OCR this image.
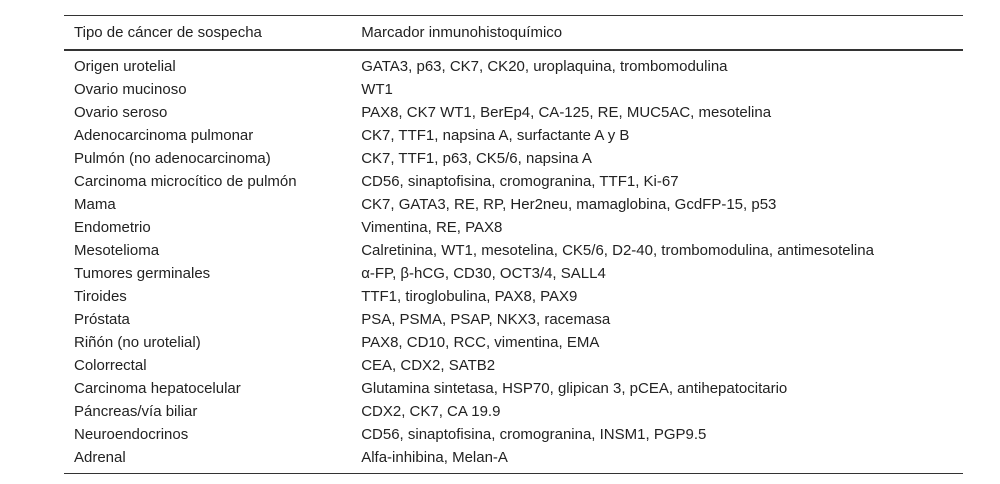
Tipo de cáncer de sospecha	Marcador inmunohistoquímico
Origen urotelial	GATA3, p63, CK7, CK20, uroplaquina, trombomodulina
Ovario mucinoso	WT1
Ovario seroso	PAX8, CK7 WT1, BerEp4, CA-125, RE, MUC5AC, mesotelina
Adenocarcinoma pulmonar	CK7, TTF1, napsina A, surfactante A y B
Pulmón (no adenocarcinoma)	CK7, TTF1, p63, CK5/6, napsina A
Carcinoma microcítico de pulmón	CD56, sinaptofisina, cromogranina, TTF1, Ki-67
Mama	CK7, GATA3, RE, RP, Her2neu, mamaglobina, GcdFP-15, p53
Endometrio	Vimentina, RE, PAX8
Mesotelioma	Calretinina, WT1, mesotelina, CK5/6, D2-40, trombomodulina, antimesotelina
Tumores germinales	α-FP, β-hCG, CD30, OCT3/4, SALL4
Tiroides	TTF1, tiroglobulina, PAX8, PAX9
Próstata	PSA, PSMA, PSAP, NKX3, racemasa
Riñón (no urotelial)	PAX8, CD10, RCC, vimentina, EMA
Colorrectal	CEA, CDX2, SATB2
Carcinoma hepatocelular	Glutamina sintetasa, HSP70, glipican 3, pCEA, antihepatocitario
Páncreas/vía biliar	CDX2, CK7, CA 19.9
Neuroendocrinos	CD56, sinaptofisina, cromogranina, INSM1, PGP9.5
Adrenal	Alfa-inhibina, Melan-A
